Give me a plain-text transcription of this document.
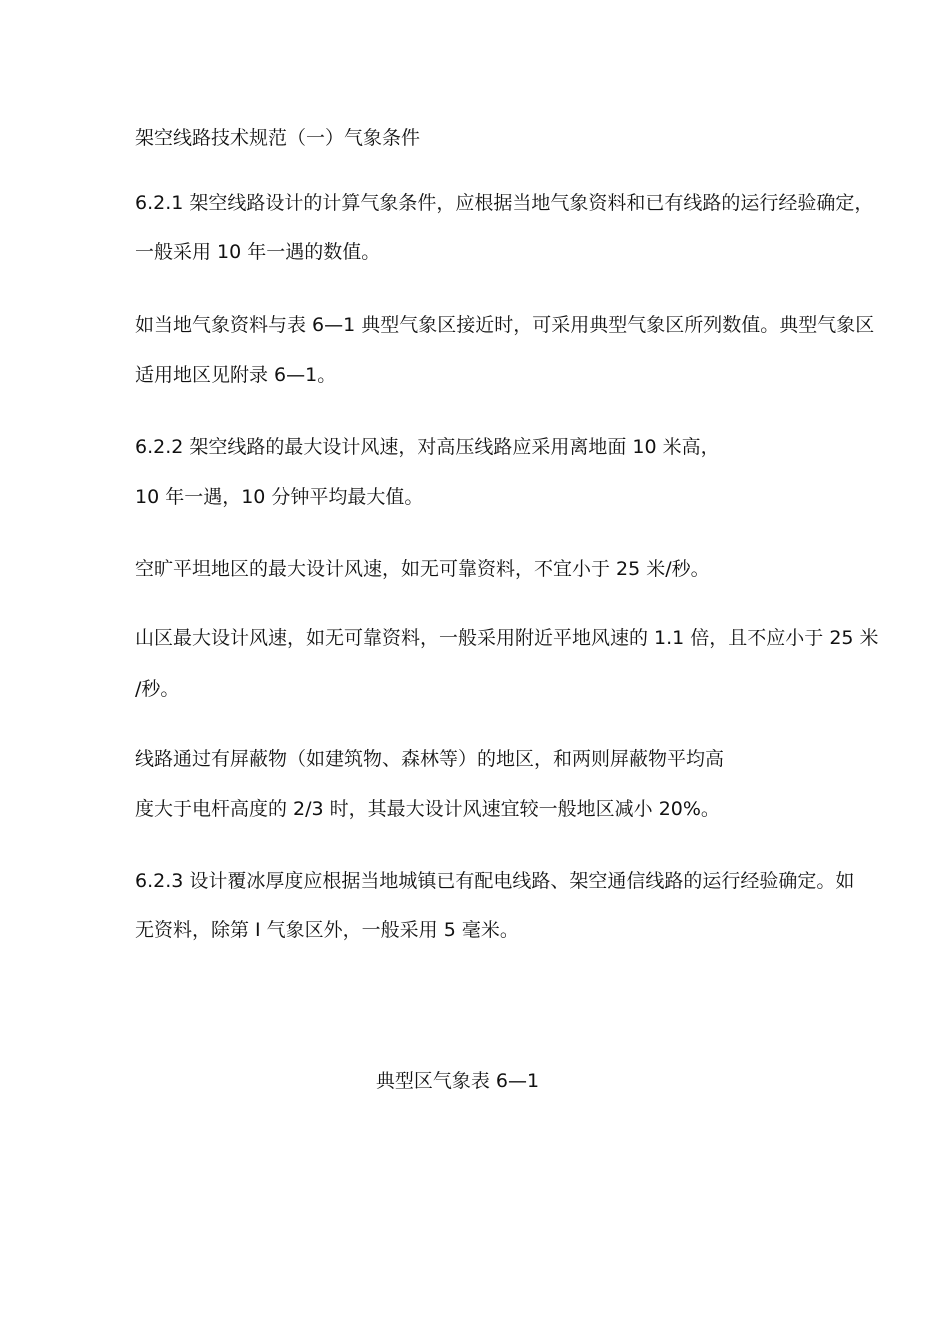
架空线路技术规范（一）气象条件
6.2.1 架空线路设计的计算气象条件，应根据当地气象资料和已有线路的运行经验确定，
一般采用 10 年一遇的数值。
如当地气象资料与表 6—1 典型气象区接近时，可采用典型气象区所列数值。典型气象区
适用地区见附录 6—1。
6.2.2 架空线路的最大设计风速，对高压线路应采用离地面 10 米高，
10 年一遇，10 分钟平均最大值。
空旷平坦地区的最大设计风速，如无可靠资料，不宜小于 25 米/秒。
山区最大设计风速，如无可靠资料，一般采用附近平地风速的 1.1 倍，且不应小于 25 米
/秒。
线路通过有屏蔽物（如建筑物、森林等）的地区，和两则屏蔽物平均高
度大于电杆高度的 2/3 时，其最大设计风速宜较一般地区减小 20%。
6.2.3 设计覆冰厚度应根据当地城镇已有配电线路、架空通信线路的运行经验确定。如
无资料，除第 I 气象区外，一般采用 5 毫米。
典型区气象表 6—1
